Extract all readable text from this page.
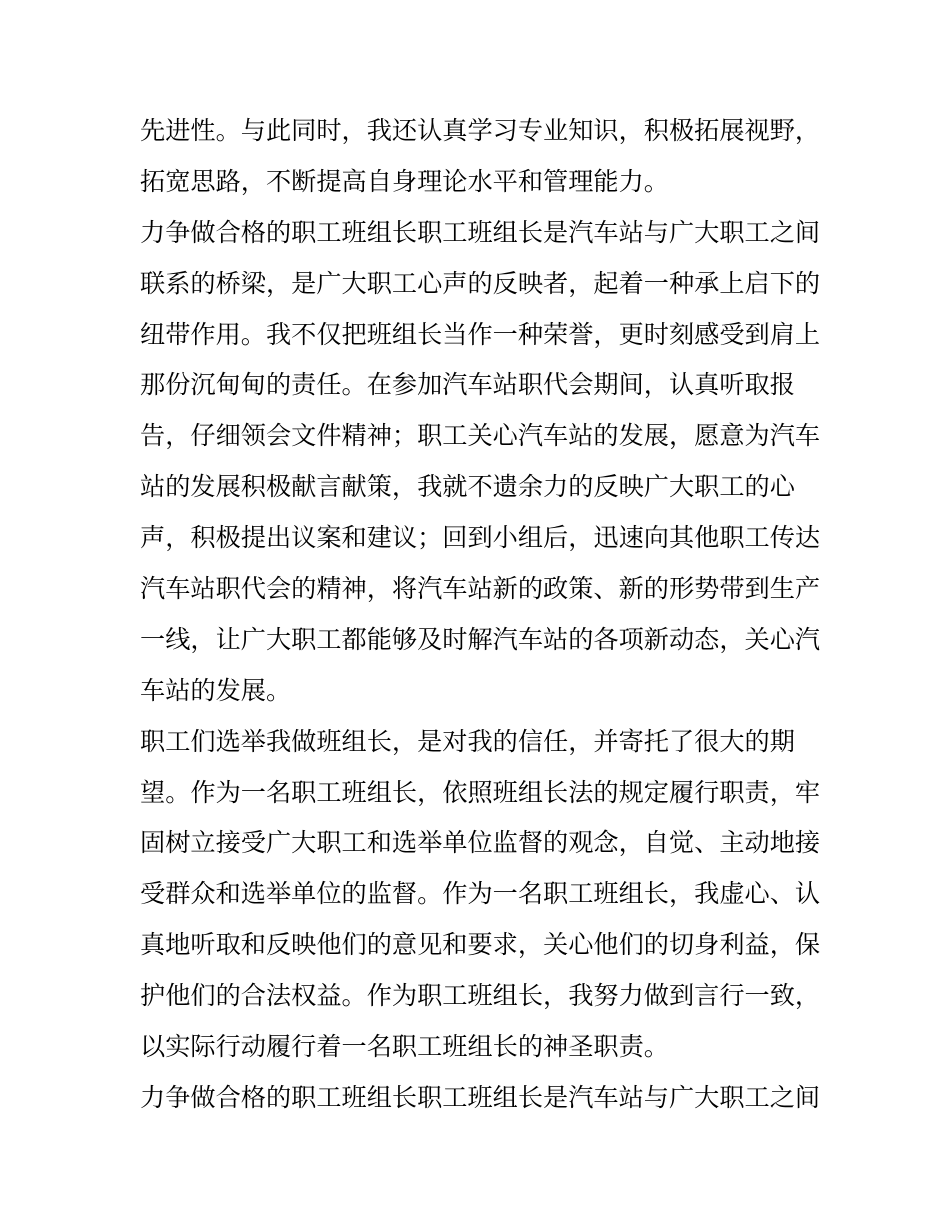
先进性。与此同时，我还认真学习专业知识，积极拓展视野，
拓宽思路，不断提高自身理论水平和管理能力。
力争做合格的职工班组长职工班组长是汽车站与广大职工之间
联系的桥梁，是广大职工心声的反映者，起着一种承上启下的
纽带作用。我不仅把班组长当作一种荣誉，更时刻感受到肩上
那份沉甸甸的责任。在参加汽车站职代会期间，认真听取报
告，仔细领会文件精神；职工关心汽车站的发展，愿意为汽车
站的发展积极献言献策，我就不遗余力的反映广大职工的心
声，积极提出议案和建议；回到小组后，迅速向其他职工传达
汽车站职代会的精神，将汽车站新的政策、新的形势带到生产
一线，让广大职工都能够及时解汽车站的各项新动态，关心汽
车站的发展。
职工们选举我做班组长，是对我的信任，并寄托了很大的期
望。作为一名职工班组长，依照班组长法的规定履行职责，牢
固树立接受广大职工和选举单位监督的观念，自觉、主动地接
受群众和选举单位的监督。作为一名职工班组长，我虚心、认
真地听取和反映他们的意见和要求，关心他们的切身利益，保
护他们的合法权益。作为职工班组长，我努力做到言行一致，
以实际行动履行着一名职工班组长的神圣职责。
力争做合格的职工班组长职工班组长是汽车站与广大职工之间
